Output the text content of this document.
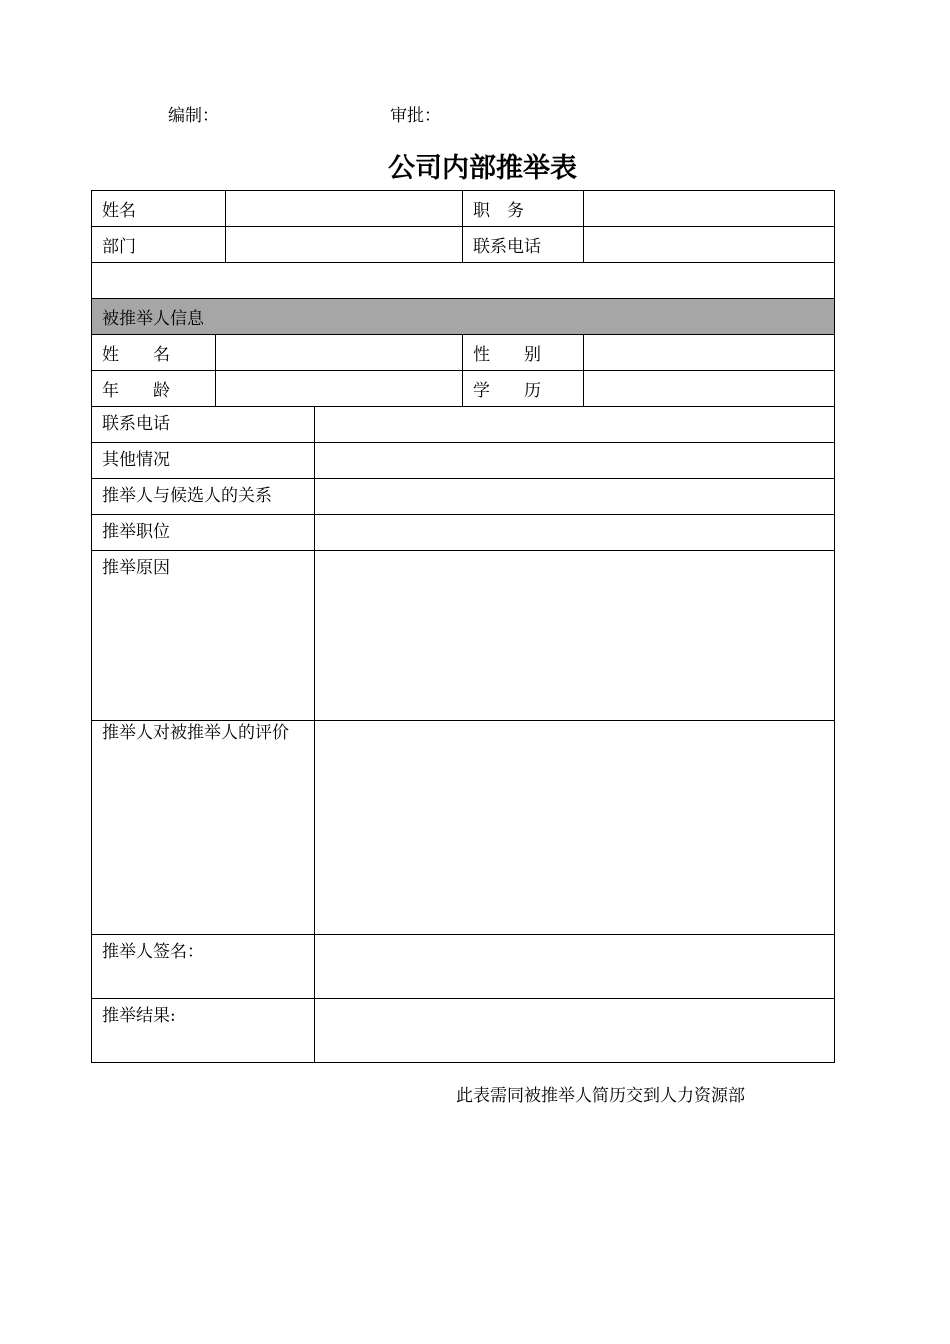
编制：	审批：
公司内部推举表
姓名				职　务	
部门				联系电话	

被推举人信息					
姓　　名				性　　别	
年　　龄				学　　历	
联系电话					
其他情况					
推举人与候选人的关系					
推举职位					
推举原因					
推举人对被推举人的评价					
推举人签名：					
推举结果:					
此表需同被推举人简历交到人力资源部
